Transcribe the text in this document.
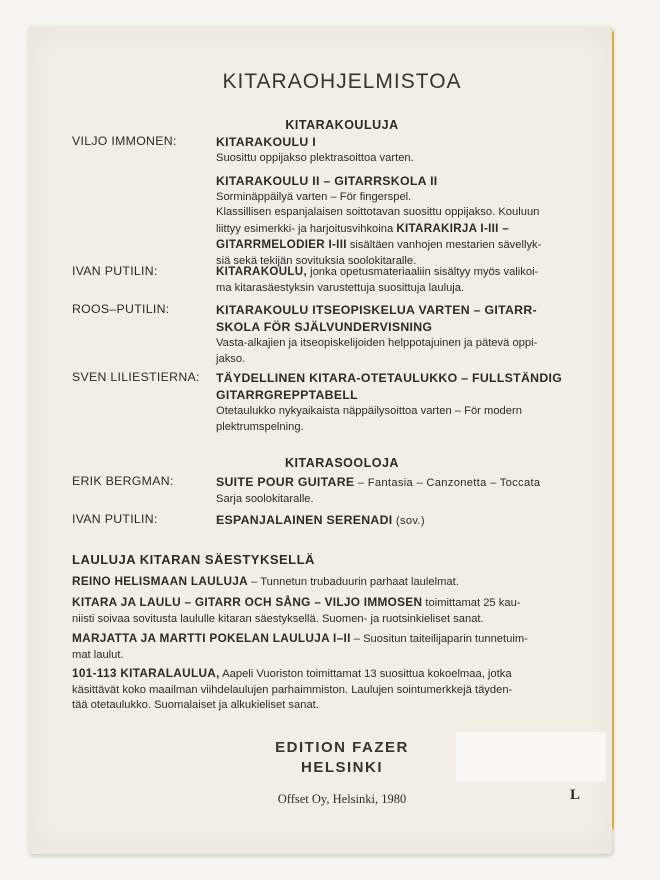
KITARAOHJELMISTOA
KITARAKOULUJA
VILJO IMMONEN:	KITARAKOULU I
Suosittu oppijakso plektrasoittoa varten.
KITARAKOULU II – GITARRSKOLA II
Sorminäppäilyä varten – För fingerspel.
Klassillisen espanjalaisen soittotavan suosittu oppijakso. Kouluun
liittyy esimerkki- ja harjoitusvihkoina KITARAKIRJA I-III –
GITARRMELODIER I-III sisältäen vanhojen mestarien sävellyk-
siä sekä tekijän sovituksia soolokitaralle.
IVAN PUTILIN:	KITARAKOULU, jonka opetusmateriaaliin sisältyy myös valikoi-
ma kitarasäestyksin varustettuja suosittuja lauluja.
ROOS–PUTILIN:	KITARAKOULU ITSEOPISKELUA VARTEN – GITARR-
SKOLA FÖR SJÄLVUNDERVISNING
Vasta-alkajien ja itseopiskelijoiden helppotajuinen ja pätevä oppi-
jakso.
SVEN LILIESTIERNA:	TÄYDELLINEN KITARA-OTETAULUKKO – FULLSTÄNDIG
GITARRGREPPTABELL
Otetaulukko nykyaikaista näppäilysoittoa varten – För modern
plektrumspelning.
KITARASOOLOJA
ERIK BERGMAN:	SUITE POUR GUITARE – Fantasia – Canzonetta – Toccata
Sarja soolokitaralle.
IVAN PUTILIN:	ESPANJALAINEN SERENADI (sov.)
LAULUJA KITARAN SÄESTYKSELLÄ
REINO HELISMAAN LAULUJA – Tunnetun trubaduurin parhaat laulelmat.
KITARA JA LAULU – GITARR OCH SÅNG – VILJO IMMOSEN toimittamat 25 kau-
niisti soivaa sovitusta laululle kitaran säestyksellä. Suomen- ja ruotsinkieliset sanat.
MARJATTA JA MARTTI POKELAN LAULUJA I–II – Suositun taiteilijaparin tunnetuim-
mat laulut.
101-113 KITARALAULUA, Aapeli Vuoriston toimittamat 13 suosittua kokoelmaa, jotka
käsittävät koko maailman viihdelaulujen parhaimmiston. Laulujen sointumerkkejä täyden-
tää otetaulukko. Suomalaiset ja alkukieliset sanat.
EDITION FAZER
HELSINKI
Offset Oy, Helsinki, 1980	L
